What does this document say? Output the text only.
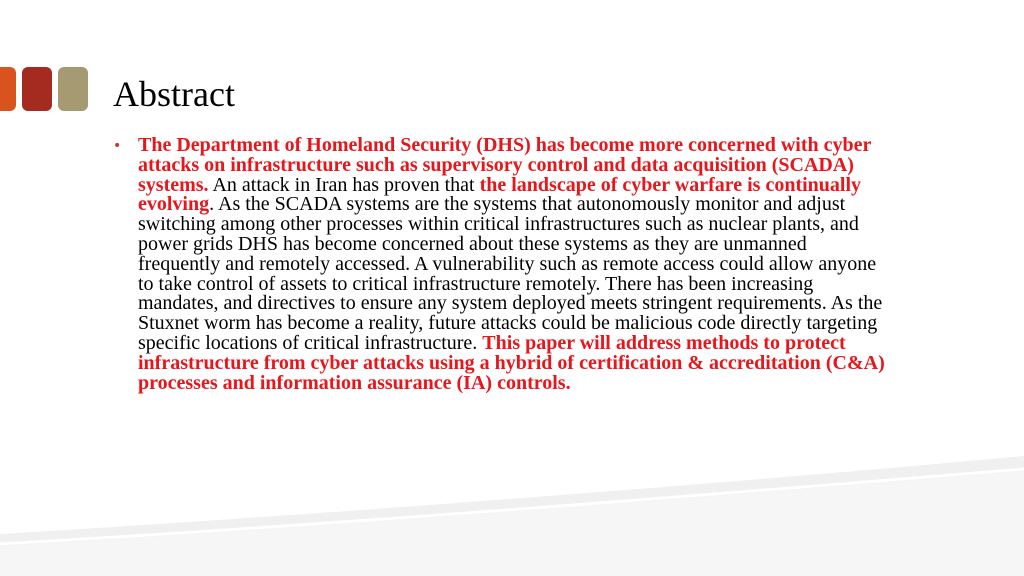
Abstract
• The Department of Homeland Security (DHS) has become more concerned with cyber attacks on infrastructure such as supervisory control and data acquisition (SCADA) systems. An attack in Iran has proven that the landscape of cyber warfare is continually evolving. As the SCADA systems are the systems that autonomously monitor and adjust switching among other processes within critical infrastructures such as nuclear plants, and power grids DHS has become concerned about these systems as they are unmanned frequently and remotely accessed. A vulnerability such as remote access could allow anyone to take control of assets to critical infrastructure remotely. There has been increasing mandates, and directives to ensure any system deployed meets stringent requirements. As the Stuxnet worm has become a reality, future attacks could be malicious code directly targeting specific locations of critical infrastructure. This paper will address methods to protect infrastructure from cyber attacks using a hybrid of certification & accreditation (C&A) processes and information assurance (IA) controls.
